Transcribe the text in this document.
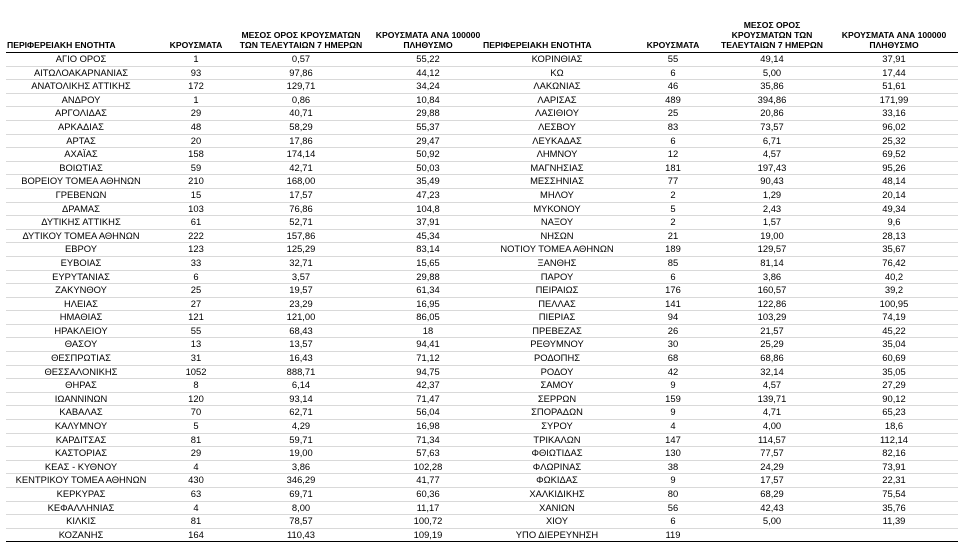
ΠΕΡΙΦΕΡΕΙΑΚΗ ΕΝΟΤΗΤΑ	ΚΡΟΥΣΜΑΤΑ	ΜΕΣΟΣ ΟΡΟΣ ΚΡΟΥΣΜΑΤΩΝ ΤΩΝ ΤΕΛΕΥΤΑΙΩΝ 7 ΗΜΕΡΩΝ	ΚΡΟΥΣΜΑΤΑ ΑΝΑ 100000 ΠΛΗΘΥΣΜΟ
ΑΓΙΟ ΟΡΟΣ	1	0,57	55,22
ΑΙΤΩΛΟΑΚΑΡΝΑΝΙΑΣ	93	97,86	44,12
ΑΝΑΤΟΛΙΚΗΣ ΑΤΤΙΚΗΣ	172	129,71	34,24
ΑΝΔΡΟΥ	1	0,86	10,84
ΑΡΓΟΛΙΔΑΣ	29	40,71	29,88
ΑΡΚΑΔΙΑΣ	48	58,29	55,37
ΑΡΤΑΣ	20	17,86	29,47
ΑΧΑΪΑΣ	158	174,14	50,92
ΒΟΙΩΤΙΑΣ	59	42,71	50,03
ΒΟΡΕΙΟΥ ΤΟΜΕΑ ΑΘΗΝΩΝ	210	168,00	35,49
ΓΡΕΒΕΝΩΝ	15	17,57	47,23
ΔΡΑΜΑΣ	103	76,86	104,8
ΔΥΤΙΚΗΣ ΑΤΤΙΚΗΣ	61	52,71	37,91
ΔΥΤΙΚΟΥ ΤΟΜΕΑ ΑΘΗΝΩΝ	222	157,86	45,34
ΕΒΡΟΥ	123	125,29	83,14
ΕΥΒΟΙΑΣ	33	32,71	15,65
ΕΥΡΥΤΑΝΙΑΣ	6	3,57	29,88
ΖΑΚΥΝΘΟΥ	25	19,57	61,34
ΗΛΕΙΑΣ	27	23,29	16,95
ΗΜΑΘΙΑΣ	121	121,00	86,05
ΗΡΑΚΛΕΙΟΥ	55	68,43	18
ΘΑΣΟΥ	13	13,57	94,41
ΘΕΣΠΡΩΤΙΑΣ	31	16,43	71,12
ΘΕΣΣΑΛΟΝΙΚΗΣ	1052	888,71	94,75
ΘΗΡΑΣ	8	6,14	42,37
ΙΩΑΝΝΙΝΩΝ	120	93,14	71,47
ΚΑΒΑΛΑΣ	70	62,71	56,04
ΚΑΛΥΜΝΟΥ	5	4,29	16,98
ΚΑΡΔΙΤΣΑΣ	81	59,71	71,34
ΚΑΣΤΟΡΙΑΣ	29	19,00	57,63
ΚΕΑΣ - ΚΥΘΝΟΥ	4	3,86	102,28
ΚΕΝΤΡΙΚΟΥ ΤΟΜΕΑ ΑΘΗΝΩΝ	430	346,29	41,77
ΚΕΡΚΥΡΑΣ	63	69,71	60,36
ΚΕΦΑΛΛΗΝΙΑΣ	4	8,00	11,17
ΚΙΛΚΙΣ	81	78,57	100,72
ΚΟΖΑΝΗΣ	164	110,43	109,19
ΠΕΡΙΦΕΡΕΙΑΚΗ ΕΝΟΤΗΤΑ	ΚΡΟΥΣΜΑΤΑ	ΜΕΣΟΣ ΟΡΟΣ ΚΡΟΥΣΜΑΤΩΝ ΤΩΝ ΤΕΛΕΥΤΑΙΩΝ 7 ΗΜΕΡΩΝ	ΚΡΟΥΣΜΑΤΑ ΑΝΑ 100000 ΠΛΗΘΥΣΜΟ
ΚΟΡΙΝΘΙΑΣ	55	49,14	37,91
ΚΩ	6	5,00	17,44
ΛΑΚΩΝΙΑΣ	46	35,86	51,61
ΛΑΡΙΣΑΣ	489	394,86	171,99
ΛΑΣΙΘΙΟΥ	25	20,86	33,16
ΛΕΣΒΟΥ	83	73,57	96,02
ΛΕΥΚΑΔΑΣ	6	6,71	25,32
ΛΗΜΝΟΥ	12	4,57	69,52
ΜΑΓΝΗΣΙΑΣ	181	197,43	95,26
ΜΕΣΣΗΝΙΑΣ	77	90,43	48,14
ΜΗΛΟΥ	2	1,29	20,14
ΜΥΚΟΝΟΥ	5	2,43	49,34
ΝΑΞΟΥ	2	1,57	9,6
ΝΗΣΩΝ	21	19,00	28,13
ΝΟΤΙΟΥ ΤΟΜΕΑ ΑΘΗΝΩΝ	189	129,57	35,67
ΞΑΝΘΗΣ	85	81,14	76,42
ΠΑΡΟΥ	6	3,86	40,2
ΠΕΙΡΑΙΩΣ	176	160,57	39,2
ΠΕΛΛΑΣ	141	122,86	100,95
ΠΙΕΡΙΑΣ	94	103,29	74,19
ΠΡΕΒΕΖΑΣ	26	21,57	45,22
ΡΕΘΥΜΝΟΥ	30	25,29	35,04
ΡΟΔΟΠΗΣ	68	68,86	60,69
ΡΟΔΟΥ	42	32,14	35,05
ΣΑΜΟΥ	9	4,57	27,29
ΣΕΡΡΩΝ	159	139,71	90,12
ΣΠΟΡΑΔΩΝ	9	4,71	65,23
ΣΥΡΟΥ	4	4,00	18,6
ΤΡΙΚΑΛΩΝ	147	114,57	112,14
ΦΘΙΩΤΙΔΑΣ	130	77,57	82,16
ΦΛΩΡΙΝΑΣ	38	24,29	73,91
ΦΩΚΙΔΑΣ	9	17,57	22,31
ΧΑΛΚΙΔΙΚΗΣ	80	68,29	75,54
ΧΑΝΙΩΝ	56	42,43	35,76
ΧΙΟΥ	6	5,00	11,39
ΥΠΟ ΔΙΕΡΕΥΝΗΣΗ	119		
